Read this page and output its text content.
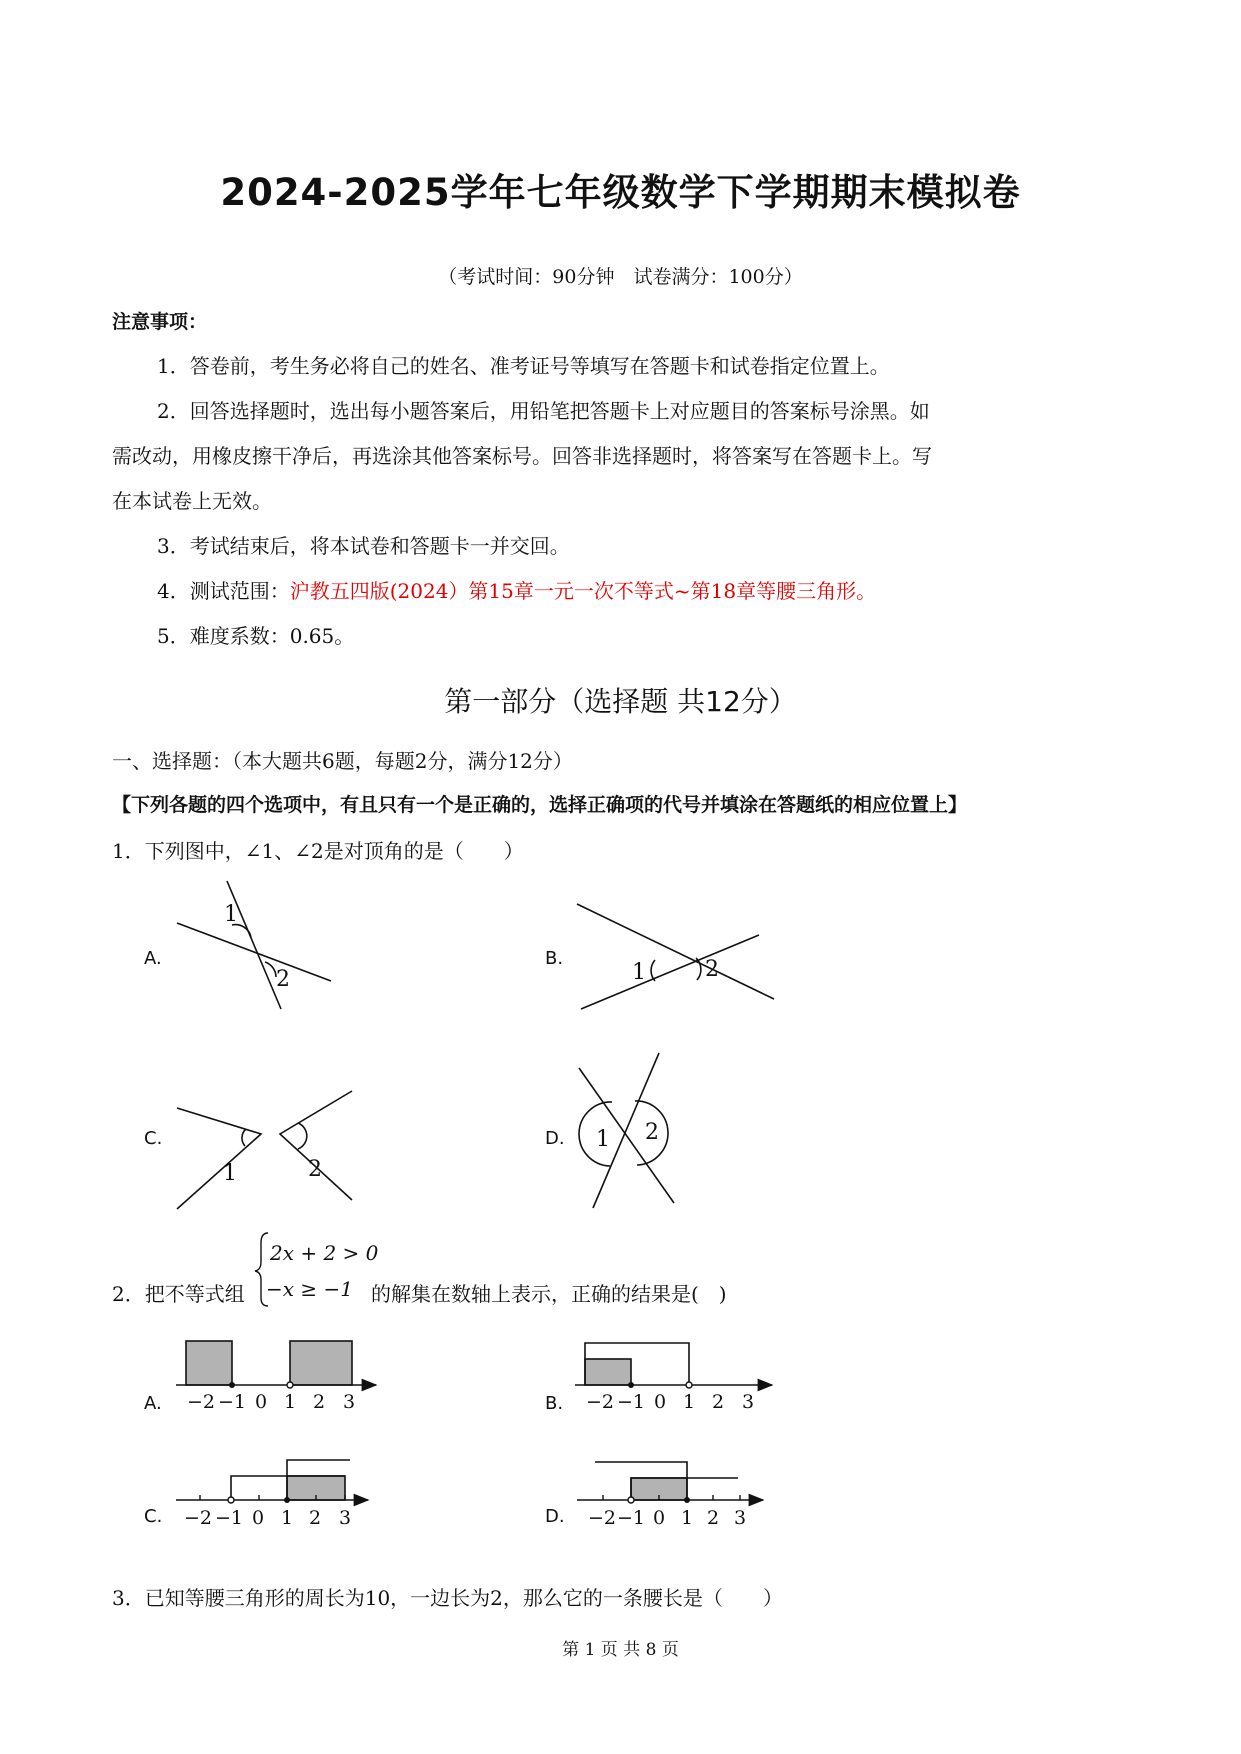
2024-2025学年七年级数学下学期期末模拟卷
（考试时间：90分钟　试卷满分：100分）
注意事项：
1．答卷前，考生务必将自己的姓名、准考证号等填写在答题卡和试卷指定位置上。
2．回答选择题时，选出每小题答案后，用铅笔把答题卡上对应题目的答案标号涂黑。如
需改动，用橡皮擦干净后，再选涂其他答案标号。回答非选择题时，将答案写在答题卡上。写
在本试卷上无效。
3．考试结束后，将本试卷和答题卡一并交回。
4．测试范围：沪教五四版(2024）第15章一元一次不等式~第18章等腰三角形。
5．难度系数：0.65。
第一部分（选择题 共12分）
一、选择题：（本大题共6题，每题2分，满分12分）
【下列各题的四个选项中，有且只有一个是正确的，选择正确项的代号并填涂在答题纸的相应位置上】
1．下列图中，∠1、∠2是对顶角的是（　　）
A.	B.
C.	D.
1
2	1	2
1	2
1 2
2x + 2 > 0
−x ≥ −1
−2 −1 0 1 2 3	−2 −1 0 1 2 3
−2 −1 0 1 2 3	−2 −1 0 1 2 3
2．把不等式组	的解集在数轴上表示，正确的结果是(　)
A.	B.
C.	D.
3．已知等腰三角形的周长为10，一边长为2，那么它的一条腰长是（　　）
第 1 页 共 8 页
